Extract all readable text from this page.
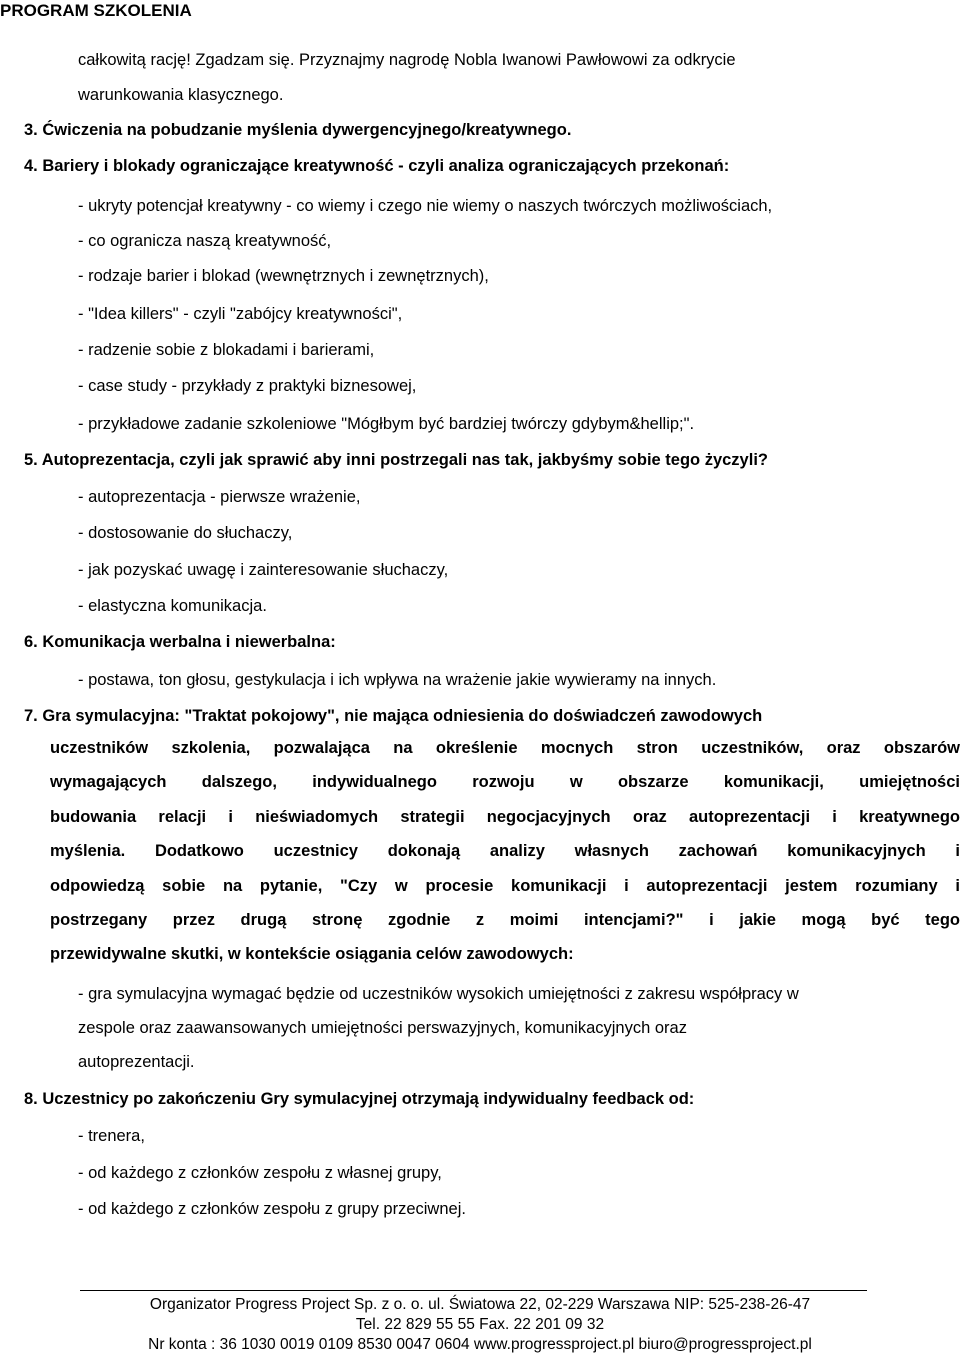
PROGRAM SZKOLENIA
całkowitą rację! Zgadzam się. Przyznajmy nagrodę Nobla Iwanowi Pawłowowi za odkrycie
warunkowania klasycznego.
3. Ćwiczenia na pobudzanie myślenia dywergencyjnego/kreatywnego.
4. Bariery i blokady ograniczające kreatywność - czyli analiza ograniczających przekonań:
- ukryty potencjał kreatywny - co wiemy i czego nie wiemy o naszych twórczych możliwościach,
- co ogranicza naszą kreatywność,
- rodzaje barier i blokad (wewnętrznych i zewnętrznych),
- "Idea killers" - czyli "zabójcy kreatywności",
- radzenie sobie z blokadami i barierami,
- case study - przykłady z praktyki biznesowej,
- przykładowe zadanie szkoleniowe "Mógłbym być bardziej twórczy gdybym&hellip;".
5. Autoprezentacja, czyli jak sprawić aby inni postrzegali nas tak, jakbyśmy sobie tego życzyli?
- autoprezentacja - pierwsze wrażenie,
- dostosowanie do słuchaczy,
- jak pozyskać uwagę i zainteresowanie słuchaczy,
- elastyczna komunikacja.
6. Komunikacja werbalna i niewerbalna:
- postawa, ton głosu, gestykulacja i ich wpływa na wrażenie jakie wywieramy na innych.
7. Gra symulacyjna: "Traktat pokojowy", nie mająca odniesienia do doświadczeń zawodowych
uczestników szkolenia, pozwalająca na określenie mocnych stron uczestników, oraz obszarów
wymagających dalszego, indywidualnego rozwoju w obszarze komunikacji, umiejętności
budowania relacji i nieświadomych strategii negocjacyjnych oraz autoprezentacji i kreatywnego
myślenia. Dodatkowo uczestnicy dokonają analizy własnych zachowań komunikacyjnych i
odpowiedzą sobie na pytanie, "Czy w procesie komunikacji i autoprezentacji jestem rozumiany i
postrzegany przez drugą stronę zgodnie z moimi intencjami?" i jakie mogą być tego
przewidywalne skutki, w kontekście osiągania celów zawodowych:
- gra symulacyjna wymagać będzie od uczestników wysokich umiejętności z zakresu współpracy w
zespole oraz zaawansowanych umiejętności perswazyjnych, komunikacyjnych oraz
autoprezentacji.
8. Uczestnicy po zakończeniu Gry symulacyjnej otrzymają indywidualny feedback od:
- trenera,
- od każdego z członków zespołu z własnej grupy,
- od każdego z członków zespołu z grupy przeciwnej.
Organizator Progress Project Sp. z o. o. ul. Światowa 22, 02-229 Warszawa NIP: 525-238-26-47
Tel. 22 829 55 55 Fax. 22 201 09 32
Nr konta : 36 1030 0019 0109 8530 0047 0604 www.progressproject.pl biuro@progressproject.pl
